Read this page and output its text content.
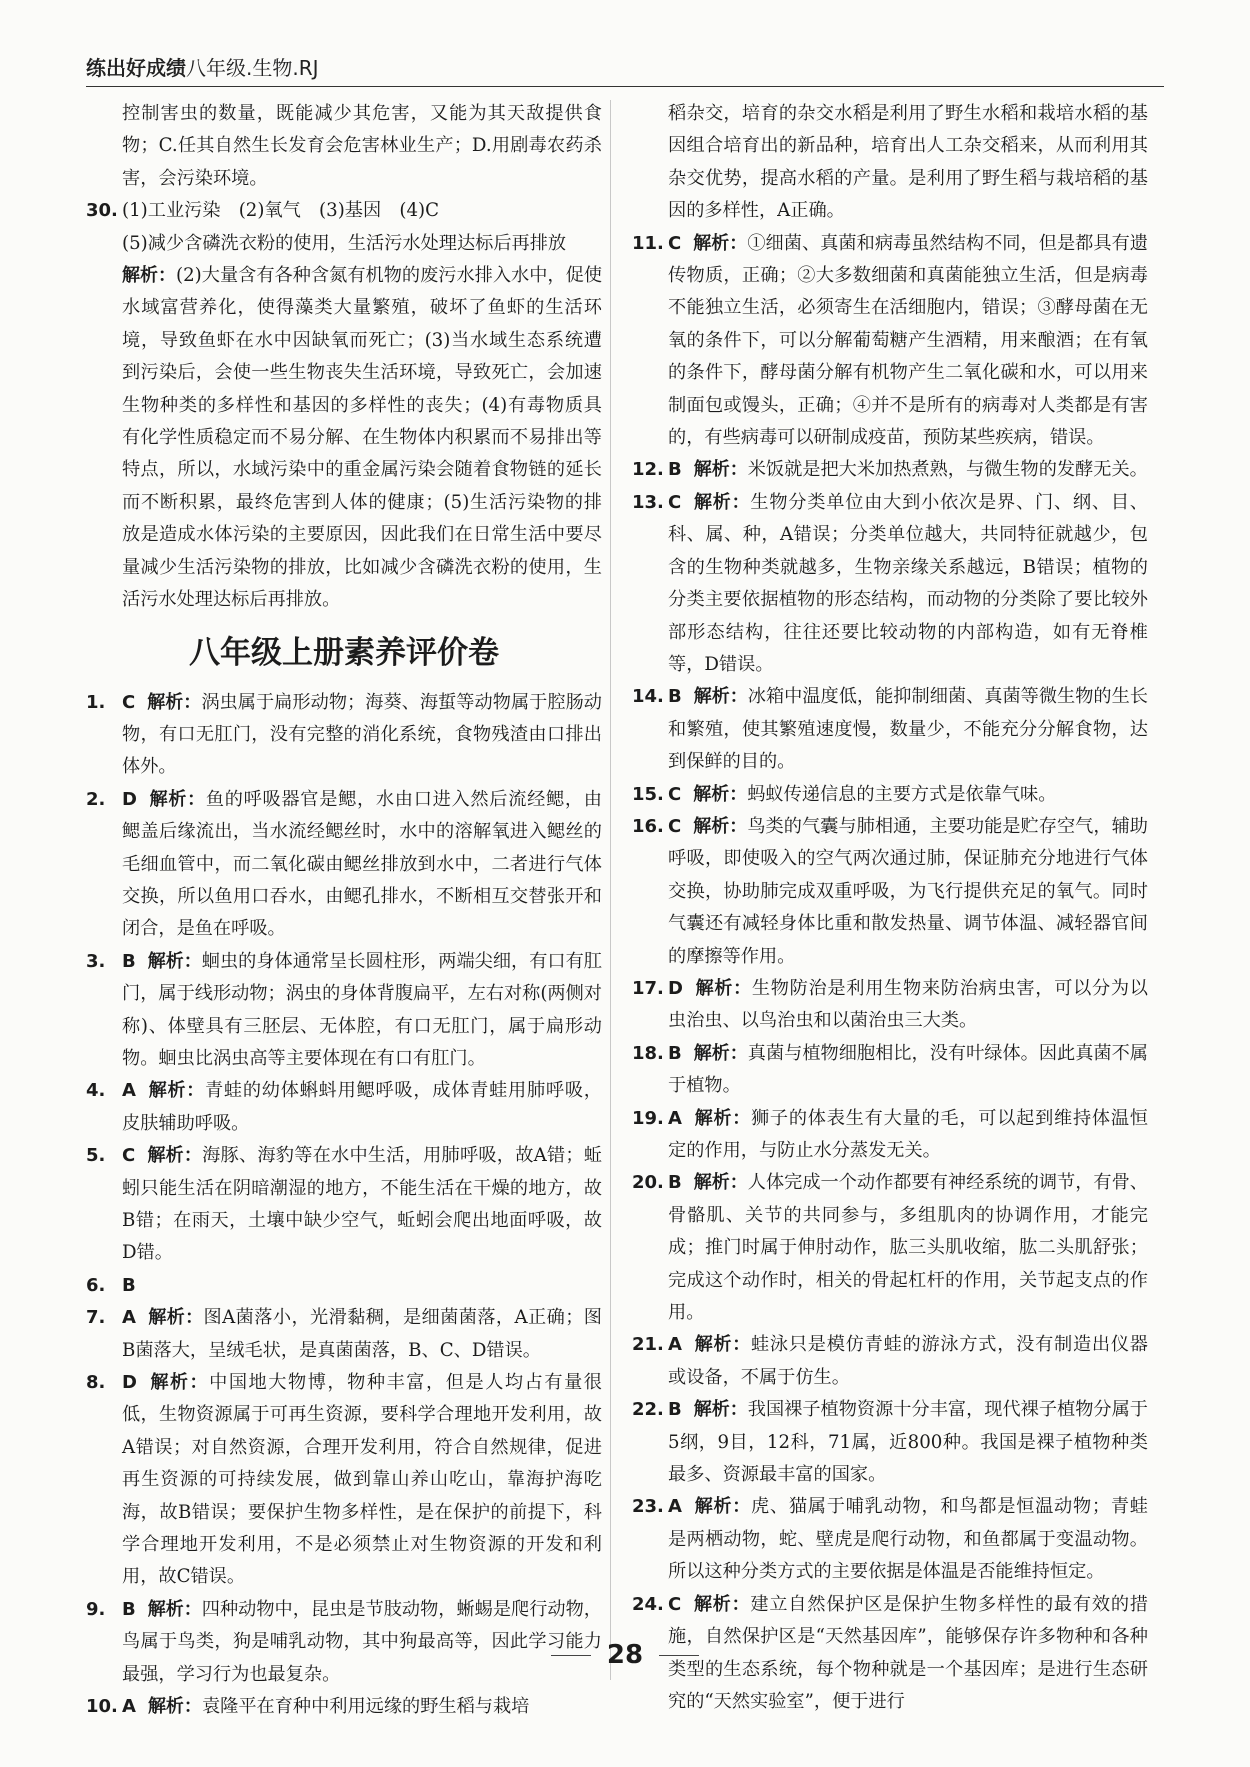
练出好成绩八年级.生物.RJ
控制害虫的数量，既能减少其危害，又能为其天敌提供食物；C.任其自然生长发育会危害林业生产；D.用剧毒农药杀害，会污染环境。
30. (1)工业污染　(2)氧气　(3)基因　(4)C
(5)减少含磷洗衣粉的使用，生活污水处理达标后再排放
解析：(2)大量含有各种含氮有机物的废污水排入水中，促使水域富营养化，使得藻类大量繁殖，破坏了鱼虾的生活环境，导致鱼虾在水中因缺氧而死亡；(3)当水域生态系统遭到污染后，会使一些生物丧失生活环境，导致死亡，会加速生物种类的多样性和基因的多样性的丧失；(4)有毒物质具有化学性质稳定而不易分解、在生物体内积累而不易排出等特点，所以，水域污染中的重金属污染会随着食物链的延长而不断积累，最终危害到人体的健康；(5)生活污染物的排放是造成水体污染的主要原因，因此我们在日常生活中要尽量减少生活污染物的排放，比如减少含磷洗衣粉的使用，生活污水处理达标后再排放。
八年级上册素养评价卷
1. C 解析：涡虫属于扁形动物；海葵、海蜇等动物属于腔肠动物，有口无肛门，没有完整的消化系统，食物残渣由口排出体外。
2. D 解析：鱼的呼吸器官是鳃，水由口进入然后流经鳃，由鳃盖后缘流出，当水流经鳃丝时，水中的溶解氧进入鳃丝的毛细血管中，而二氧化碳由鳃丝排放到水中，二者进行气体交换，所以鱼用口吞水，由鳃孔排水，不断相互交替张开和闭合，是鱼在呼吸。
3. B 解析：蛔虫的身体通常呈长圆柱形，两端尖细，有口有肛门，属于线形动物；涡虫的身体背腹扁平，左右对称(两侧对称)、体壁具有三胚层、无体腔，有口无肛门，属于扁形动物。蛔虫比涡虫高等主要体现在有口有肛门。
4. A 解析：青蛙的幼体蝌蚪用鳃呼吸，成体青蛙用肺呼吸，皮肤辅助呼吸。
5. C 解析：海豚、海豹等在水中生活，用肺呼吸，故A错；蚯蚓只能生活在阴暗潮湿的地方，不能生活在干燥的地方，故B错；在雨天，土壤中缺少空气，蚯蚓会爬出地面呼吸，故D错。
6. B
7. A 解析：图A菌落小，光滑黏稠，是细菌菌落，A正确；图B菌落大，呈绒毛状，是真菌菌落，B、C、D错误。
8. D 解析：中国地大物博，物种丰富，但是人均占有量很低，生物资源属于可再生资源，要科学合理地开发利用，故A错误；对自然资源，合理开发利用，符合自然规律，促进再生资源的可持续发展，做到靠山养山吃山，靠海护海吃海，故B错误；要保护生物多样性，是在保护的前提下，科学合理地开发利用，不是必须禁止对生物资源的开发和利用，故C错误。
9. B 解析：四种动物中，昆虫是节肢动物，蜥蜴是爬行动物，鸟属于鸟类，狗是哺乳动物，其中狗最高等，因此学习能力最强，学习行为也最复杂。
10. A 解析：袁隆平在育种中利用远缘的野生稻与栽培
稻杂交，培育的杂交水稻是利用了野生水稻和栽培水稻的基因组合培育出的新品种，培育出人工杂交稻来，从而利用其杂交优势，提高水稻的产量。是利用了野生稻与栽培稻的基因的多样性，A正确。
11. C 解析：①细菌、真菌和病毒虽然结构不同，但是都具有遗传物质，正确；②大多数细菌和真菌能独立生活，但是病毒不能独立生活，必须寄生在活细胞内，错误；③酵母菌在无氧的条件下，可以分解葡萄糖产生酒精，用来酿酒；在有氧的条件下，酵母菌分解有机物产生二氧化碳和水，可以用来制面包或馒头，正确；④并不是所有的病毒对人类都是有害的，有些病毒可以研制成疫苗，预防某些疾病，错误。
12. B 解析：米饭就是把大米加热煮熟，与微生物的发酵无关。
13. C 解析：生物分类单位由大到小依次是界、门、纲、目、科、属、种，A错误；分类单位越大，共同特征就越少，包含的生物种类就越多，生物亲缘关系越远，B错误；植物的分类主要依据植物的形态结构，而动物的分类除了要比较外部形态结构，往往还要比较动物的内部构造，如有无脊椎等，D错误。
14. B 解析：冰箱中温度低，能抑制细菌、真菌等微生物的生长和繁殖，使其繁殖速度慢，数量少，不能充分分解食物，达到保鲜的目的。
15. C 解析：蚂蚁传递信息的主要方式是依靠气味。
16. C 解析：鸟类的气囊与肺相通，主要功能是贮存空气，辅助呼吸，即使吸入的空气两次通过肺，保证肺充分地进行气体交换，协助肺完成双重呼吸，为飞行提供充足的氧气。同时气囊还有减轻身体比重和散发热量、调节体温、减轻器官间的摩擦等作用。
17. D 解析：生物防治是利用生物来防治病虫害，可以分为以虫治虫、以鸟治虫和以菌治虫三大类。
18. B 解析：真菌与植物细胞相比，没有叶绿体。因此真菌不属于植物。
19. A 解析：狮子的体表生有大量的毛，可以起到维持体温恒定的作用，与防止水分蒸发无关。
20. B 解析：人体完成一个动作都要有神经系统的调节，有骨、骨骼肌、关节的共同参与，多组肌肉的协调作用，才能完成；推门时属于伸肘动作，肱三头肌收缩，肱二头肌舒张；完成这个动作时，相关的骨起杠杆的作用，关节起支点的作用。
21. A 解析：蛙泳只是模仿青蛙的游泳方式，没有制造出仪器或设备，不属于仿生。
22. B 解析：我国裸子植物资源十分丰富，现代裸子植物分属于5纲，9目，12科，71属，近800种。我国是裸子植物种类最多、资源最丰富的国家。
23. A 解析：虎、猫属于哺乳动物，和鸟都是恒温动物；青蛙是两栖动物，蛇、壁虎是爬行动物，和鱼都属于变温动物。所以这种分类方式的主要依据是体温是否能维持恒定。
24. C 解析：建立自然保护区是保护生物多样性的最有效的措施，自然保护区是“天然基因库”，能够保存许多物种和各种类型的生态系统，每个物种就是一个基因库；是进行生态研究的“天然实验室”，便于进行
28
